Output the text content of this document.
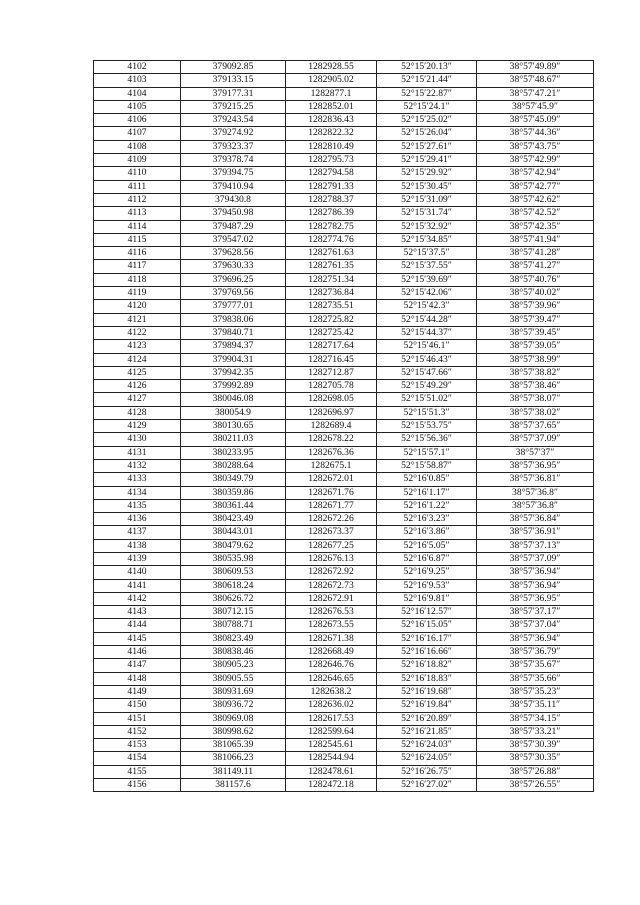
4102	379092.85	1282928.55	52°15′20.13″	38°57′49.89″
4103	379133.15	1282905.02	52°15′21.44″	38°57′48.67″
4104	379177.31	1282877.1	52°15′22.87″	38°57′47.21″
4105	379215.25	1282852.01	52°15′24.1″	38°57′45.9″
4106	379243.54	1282836.43	52°15′25.02″	38°57′45.09″
4107	379274.92	1282822.32	52°15′26.04″	38°57′44.36″
4108	379323.37	1282810.49	52°15′27.61″	38°57′43.75″
4109	379378.74	1282795.73	52°15′29.41″	38°57′42.99″
4110	379394.75	1282794.58	52°15′29.92″	38°57′42.94″
4111	379410.94	1282791.33	52°15′30.45″	38°57′42.77″
4112	379430.8	1282788.37	52°15′31.09″	38°57′42.62″
4113	379450.98	1282786.39	52°15′31.74″	38°57′42.52″
4114	379487.29	1282782.75	52°15′32.92″	38°57′42.35″
4115	379547.02	1282774.76	52°15′34.85″	38°57′41.94″
4116	379628.56	1282761.63	52°15′37.5″	38°57′41.28″
4117	379630.33	1282761.35	52°15′37.55″	38°57′41.27″
4118	379696.25	1282751.34	52°15′39.69″	38°57′40.76″
4119	379769.56	1282736.84	52°15′42.06″	38°57′40.02″
4120	379777.01	1282735.51	52°15′42.3″	38°57′39.96″
4121	379838.06	1282725.82	52°15′44.28″	38°57′39.47″
4122	379840.71	1282725.42	52°15′44.37″	38°57′39.45″
4123	379894.37	1282717.64	52°15′46.1″	38°57′39.05″
4124	379904.31	1282716.45	52°15′46.43″	38°57′38.99″
4125	379942.35	1282712.87	52°15′47.66″	38°57′38.82″
4126	379992.89	1282705.78	52°15′49.29″	38°57′38.46″
4127	380046.08	1282698.05	52°15′51.02″	38°57′38.07″
4128	380054.9	1282696.97	52°15′51.3″	38°57′38.02″
4129	380130.65	1282689.4	52°15′53.75″	38°57′37.65″
4130	380211.03	1282678.22	52°15′56.36″	38°57′37.09″
4131	380233.95	1282676.36	52°15′57.1″	38°57′37″
4132	380288.64	1282675.1	52°15′58.87″	38°57′36.95″
4133	380349.79	1282672.01	52°16′0.85″	38°57′36.81″
4134	380359.86	1282671.76	52°16′1.17″	38°57′36.8″
4135	380361.44	1282671.77	52°16′1.22″	38°57′36.8″
4136	380423.49	1282672.26	52°16′3.23″	38°57′36.84″
4137	380443.01	1282673.37	52°16′3.86″	38°57′36.91″
4138	380479.62	1282677.25	52°16′5.05″	38°57′37.13″
4139	380535.98	1282676.13	52°16′6.87″	38°57′37.09″
4140	380609.53	1282672.92	52°16′9.25″	38°57′36.94″
4141	380618.24	1282672.73	52°16′9.53″	38°57′36.94″
4142	380626.72	1282672.91	52°16′9.81″	38°57′36.95″
4143	380712.15	1282676.53	52°16′12.57″	38°57′37.17″
4144	380788.71	1282673.55	52°16′15.05″	38°57′37.04″
4145	380823.49	1282671.38	52°16′16.17″	38°57′36.94″
4146	380838.46	1282668.49	52°16′16.66″	38°57′36.79″
4147	380905.23	1282646.76	52°16′18.82″	38°57′35.67″
4148	380905.55	1282646.65	52°16′18.83″	38°57′35.66″
4149	380931.69	1282638.2	52°16′19.68″	38°57′35.23″
4150	380936.72	1282636.02	52°16′19.84″	38°57′35.11″
4151	380969.08	1282617.53	52°16′20.89″	38°57′34.15″
4152	380998.62	1282599.64	52°16′21.85″	38°57′33.21″
4153	381065.39	1282545.61	52°16′24.03″	38°57′30.39″
4154	381066.23	1282544.94	52°16′24.05″	38°57′30.35″
4155	381149.11	1282478.61	52°16′26.75″	38°57′26.88″
4156	381157.6	1282472.18	52°16′27.02″	38°57′26.55″
